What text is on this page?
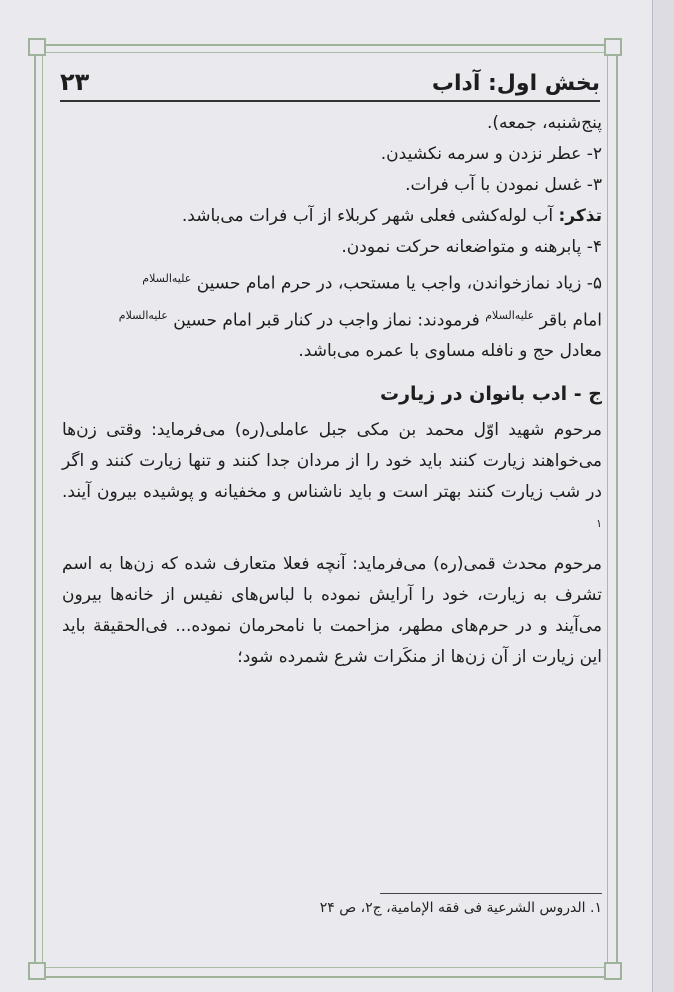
بخش اول: آداب
۲۳
پنج‌شنبه، جمعه).
۲- عطر نزدن و سرمه نکشیدن.
۳- غسل نمودن با آب فرات.
تذکر: آب لوله‌کشی فعلی شهر کربلاء از آب فرات می‌باشد.
۴- پابرهنه و متواضعانه حرکت نمودن.
۵- زیاد نمازخواندن، واجب یا مستحب، در حرم امام حسین $^{علیه‌السلام}$
امام باقر $^{علیه‌السلام}$ فرمودند: نماز واجب در کنار قبر امام حسین $^{علیه‌السلام}$
معادل حج و نافله مساوی با عمره می‌باشد.
ج - ادب بانوان در زیارت

مرحوم شهید اوّل محمد بن مکی جبل عاملی(ره) می‌فرماید: وقتی زن‌ها می‌خواهند زیارت کنند باید خود را از مردان جدا کنند و تنها زیارت کنند و اگر در شب زیارت کنند بهتر است و باید ناشناس و مخفیانه و پوشیده بیرون آیند. $^۱$

مرحوم محدث قمی(ره) می‌فرماید: آنچه فعلا متعارف شده که زن‌ها به اسم تشرف به زیارت، خود را آرایش نموده با لباس‌های نفیس از خانه‌ها بیرون می‌آیند و در حرم‌های مطهر، مزاحمت با نامحرمان نموده... فی‌الحقیقة باید این زیارت از آن زن‌ها از منکَرات شرع شمرده شود؛

۱. الدروس الشرعیة فی فقه الإمامیة، ج۲، ص ۲۴
